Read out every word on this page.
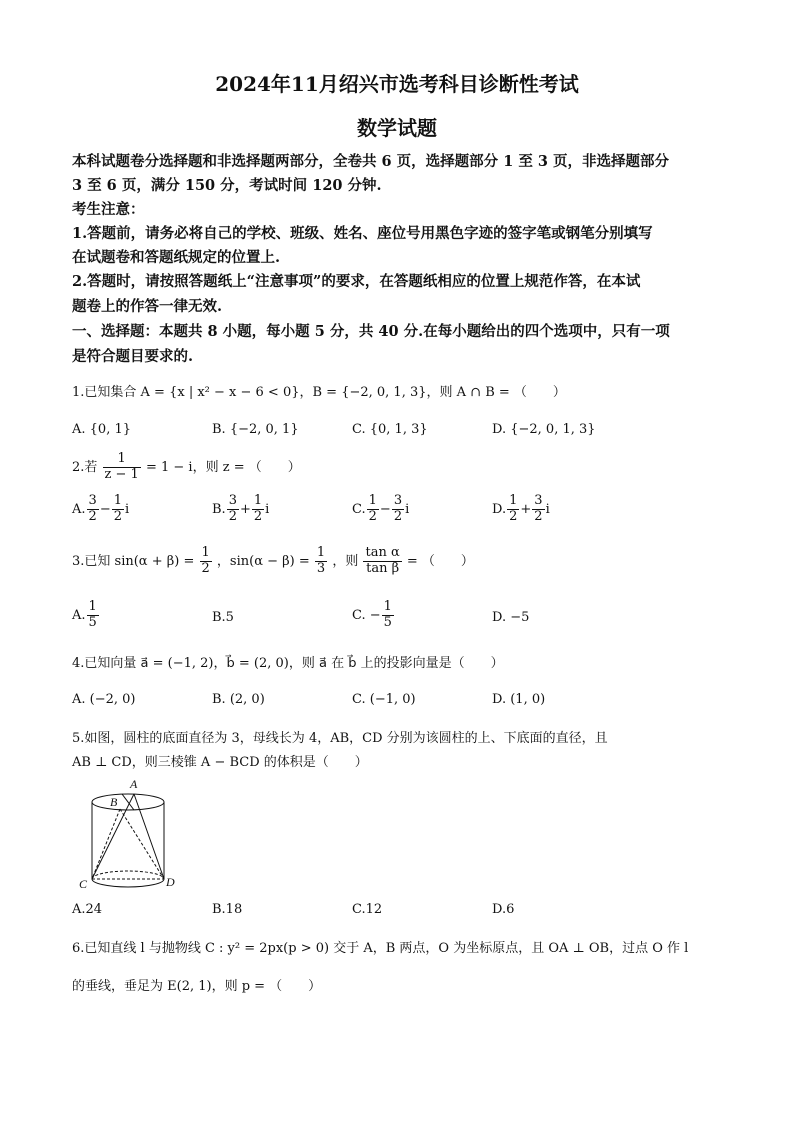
2024年11月绍兴市选考科目诊断性考试
数学试题
本科试题卷分选择题和非选择题两部分，全卷共 6 页，选择题部分 1 至 3 页，非选择题部分
3 至 6 页，满分 150 分，考试时间 120 分钟.
考生注意：
1.答题前，请务必将自己的学校、班级、姓名、座位号用黑色字迹的签字笔或钢笔分别填写
在试题卷和答题纸规定的位置上.
2.答题时，请按照答题纸上“注意事项”的要求，在答题纸相应的位置上规范作答，在本试
题卷上的作答一律无效.
一、选择题：本题共 8 小题，每小题 5 分，共 40 分.在每小题给出的四个选项中，只有一项
是符合题目要求的.
1.已知集合 A = {x | x² − x − 6 < 0}，B = {−2, 0, 1, 3}，则 A ∩ B = （　　）
A. {0, 1}	B. {−2, 0, 1}	C. {0, 1, 3}	D. {−2, 0, 1, 3}
2.若 $\frac{1}{z - 1} = 1 - i$，则 z = （　　）
A. $\frac{3}{2} - \frac{1}{2}$ i	B. $\frac{3}{2} + \frac{1}{2}$ i	C. $\frac{1}{2} - \frac{3}{2}$ i	D. $\frac{1}{2} + \frac{3}{2}$ i
3.已知 $\sin(\alpha + \beta) = \frac{1}{2}$ ，$\sin(\alpha - \beta) = \frac{1}{3}$ ，则 $\frac{\text{tan α}}{\text{tan β}}$ = （　　）
A. $\frac{1}{5}$	B.5	C. − $\frac{1}{5}$	D. −5
4.已知向量 a⃗ = (−1, 2)，b⃗ = (2, 0)，则 a⃗ 在 b⃗ 上的投影向量是（　　）
A. (−2, 0)	B. (2, 0)	C. (−1, 0)	D. (1, 0)
5.如图，圆柱的底面直径为 3，母线长为 4，AB，CD 分别为该圆柱的上、下底面的直径，且
AB ⊥ CD，则三棱锥 A − BCD 的体积是（　　）
A
B
C	D
A.24	B.18	C.12	D.6
6.已知直线 l 与抛物线 C : y² = 2px(p > 0) 交于 A，B 两点，O 为坐标原点，且 OA ⊥ OB，过点 O 作 l
的垂线，垂足为 E(2, 1)，则 p = （　　）
